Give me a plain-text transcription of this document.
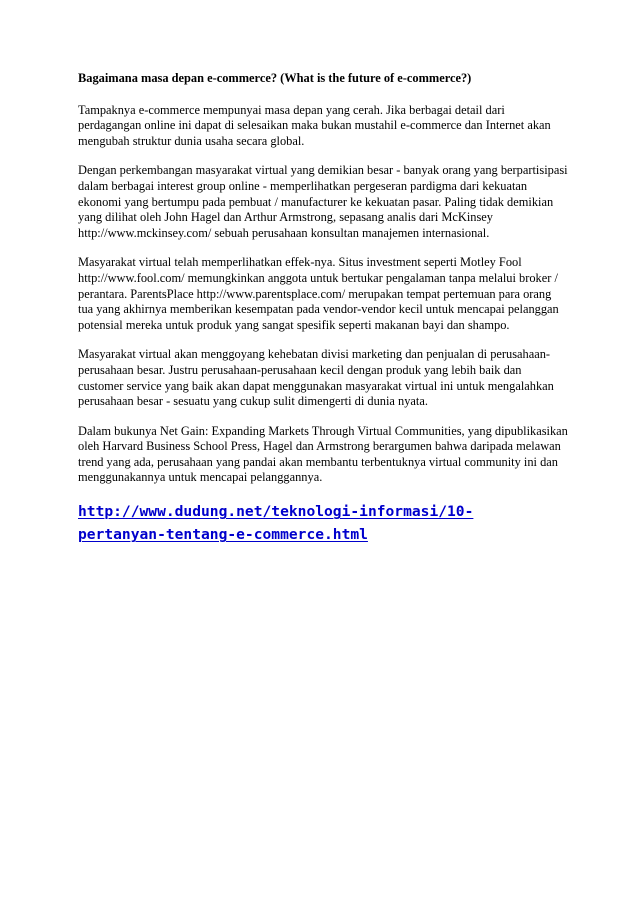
Bagaimana masa depan e-commerce? (What is the future of e-commerce?)

Tampaknya e-commerce mempunyai masa depan yang cerah. Jika berbagai detail dari perdagangan online ini dapat di selesaikan maka bukan mustahil e-commerce dan Internet akan mengubah struktur dunia usaha secara global.

Dengan perkembangan masyarakat virtual yang demikian besar - banyak orang yang berpartisipasi dalam berbagai interest group online - memperlihatkan pergeseran pardigma dari kekuatan ekonomi yang bertumpu pada pembuat / manufacturer ke kekuatan pasar. Paling tidak demikian yang dilihat oleh John Hagel dan Arthur Armstrong, sepasang analis dari McKinsey http://www.mckinsey.com/ sebuah perusahaan konsultan manajemen internasional.

Masyarakat virtual telah memperlihatkan effek-nya. Situs investment seperti Motley Fool http://www.fool.com/ memungkinkan anggota untuk bertukar pengalaman tanpa melalui broker / perantara. ParentsPlace http://www.parentsplace.com/ merupakan tempat pertemuan para orang tua yang akhirnya memberikan kesempatan pada vendor-vendor kecil untuk mencapai pelanggan potensial mereka untuk produk yang sangat spesifik seperti makanan bayi dan shampo.

Masyarakat virtual akan menggoyang kehebatan divisi marketing dan penjualan di perusahaan-perusahaan besar. Justru perusahaan-perusahaan kecil dengan produk yang lebih baik dan customer service yang baik akan dapat menggunakan masyarakat virtual ini untuk mengalahkan perusahaan besar - sesuatu yang cukup sulit dimengerti di dunia nyata.

Dalam bukunya Net Gain: Expanding Markets Through Virtual Communities, yang dipublikasikan oleh Harvard Business School Press, Hagel dan Armstrong berargumen bahwa daripada melawan trend yang ada, perusahaan yang pandai akan membantu terbentuknya virtual community ini dan menggunakannya untuk mencapai pelanggannya.

http://www.dudung.net/teknologi-informasi/10-
pertanyan-tentang-e-commerce.html
